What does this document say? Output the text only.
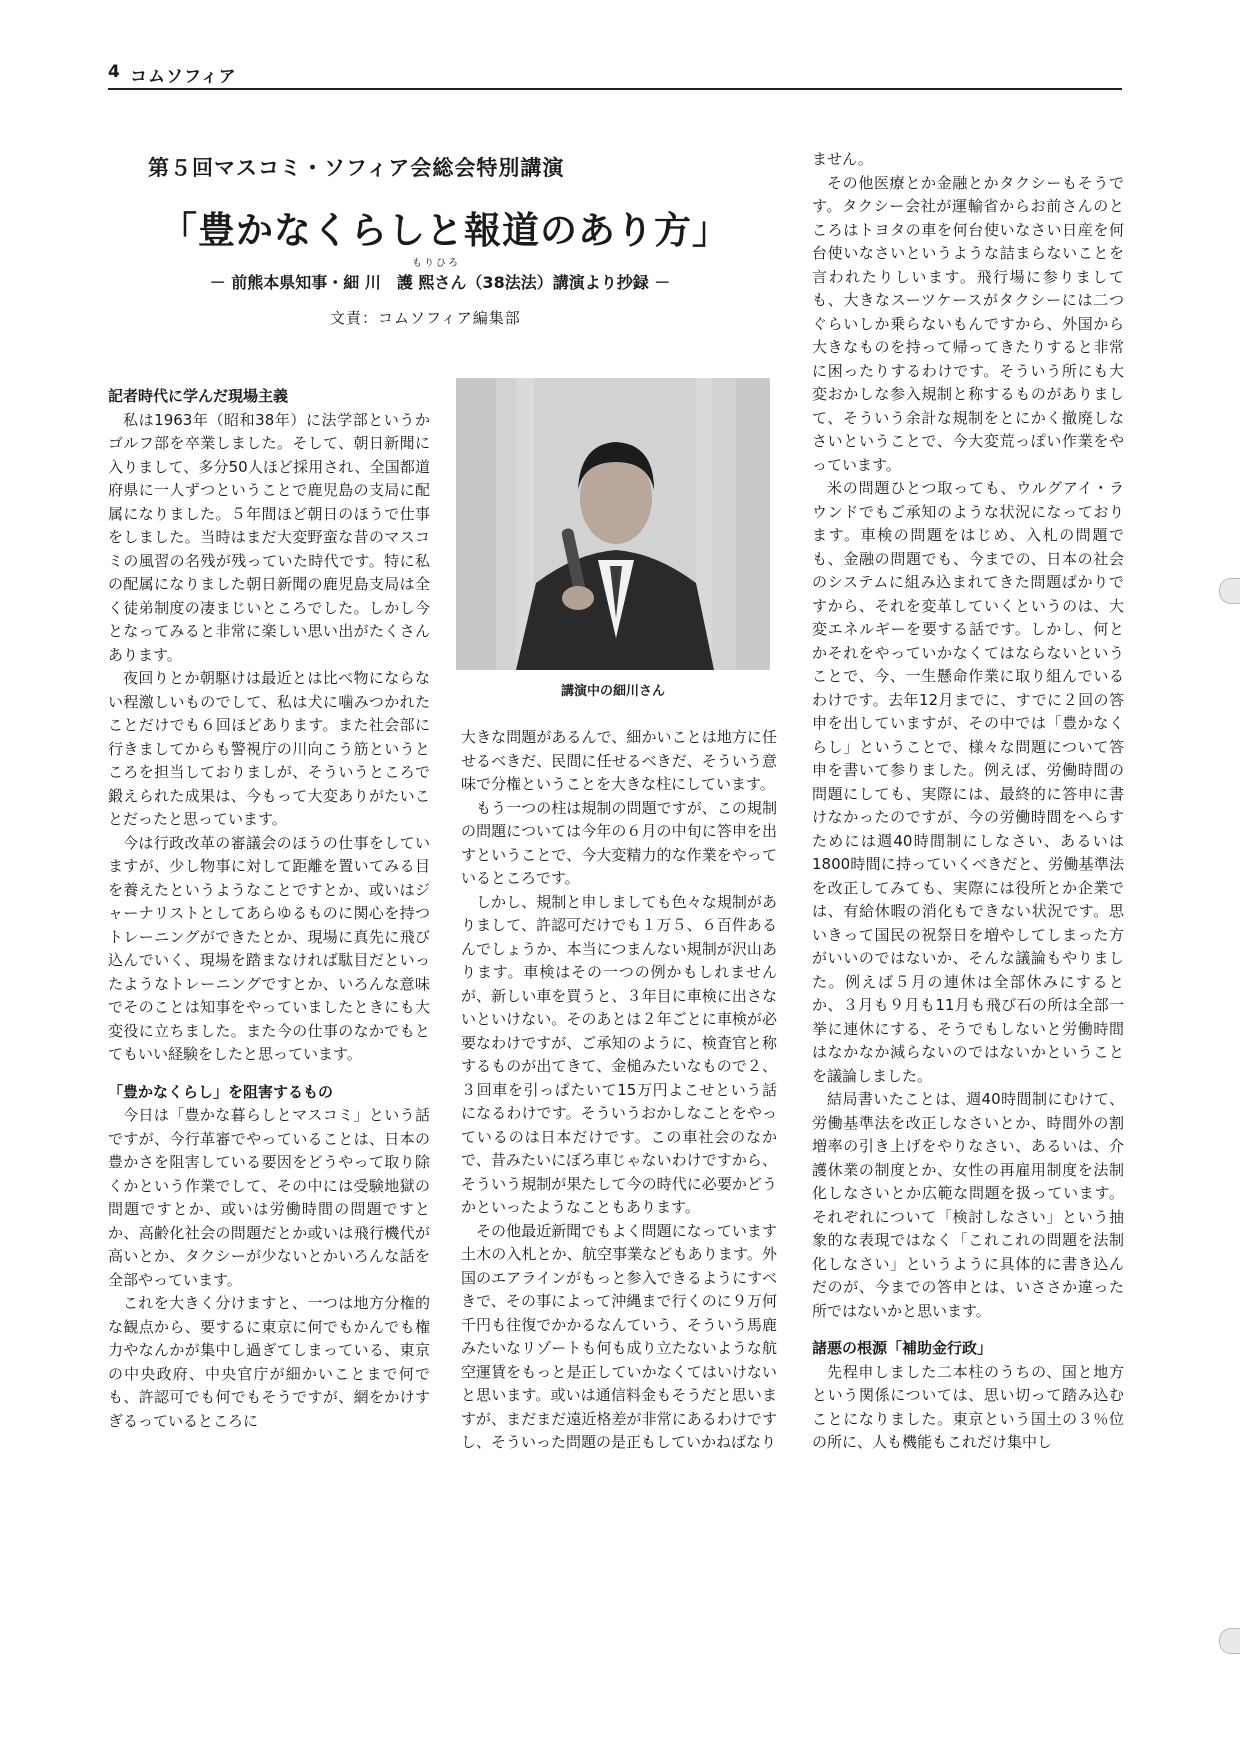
4 コムソフィア
第５回マスコミ・ソフィア会総会特別講演
「豊かなくらしと報道のあり方」
もりひろ
－ 前熊本県知事・細 川　護 熙さん（38法法）講演より抄録 －
文責：コムソフィア編集部
記者時代に学んだ現場主義

私は1963年（昭和38年）に法学部というかゴルフ部を卒業しました。そして、朝日新聞に入りまして、多分50人ほど採用され、全国都道府県に一人ずつということで鹿児島の支局に配属になりました。５年間ほど朝日のほうで仕事をしました。当時はまだ大変野蛮な昔のマスコミの風習の名残が残っていた時代です。特に私の配属になりました朝日新聞の鹿児島支局は全く徒弟制度の凄まじいところでした。しかし今となってみると非常に楽しい思い出がたくさんあります。

夜回りとか朝駆けは最近とは比べ物にならない程激しいものでして、私は犬に噛みつかれたことだけでも６回ほどあります。また社会部に行きましてからも警視庁の川向こう筋というところを担当しておりましが、そういうところで鍛えられた成果は、今もって大変ありがたいことだったと思っています。

今は行政改革の審議会のほうの仕事をしていますが、少し物事に対して距離を置いてみる目を養えたというようなことですとか、或いはジャーナリストとしてあらゆるものに関心を持つトレーニングができたとか、現場に真先に飛び込んでいく、現場を踏まなければ駄目だといったようなトレーニングですとか、いろんな意味でそのことは知事をやっていましたときにも大変役に立ちました。また今の仕事のなかでもとてもいい経験をしたと思っています。

「豊かなくらし」を阻害するもの

今日は「豊かな暮らしとマスコミ」という話ですが、今行革審でやっていることは、日本の豊かさを阻害している要因をどうやって取り除くかという作業でして、その中には受験地獄の問題ですとか、或いは労働時間の問題ですとか、高齢化社会の問題だとか或いは飛行機代が高いとか、タクシーが少ないとかいろんな話を全部やっています。

これを大きく分けますと、一つは地方分権的な観点から、要するに東京に何でもかんでも権力やなんかが集中し過ぎてしまっている、東京の中央政府、中央官庁が細かいことまで何でも、許認可でも何でもそうですが、網をかけすぎるっているところに

講演中の細川さん

大きな問題があるんで、細かいことは地方に任せるべきだ、民間に任せるべきだ、そういう意味で分権ということを大きな柱にしています。

もう一つの柱は規制の問題ですが、この規制の問題については今年の６月の中旬に答申を出すということで、今大変精力的な作業をやっているところです。

しかし、規制と申しましても色々な規制がありまして、許認可だけでも１万５、６百件あるんでしょうか、本当につまんない規制が沢山あります。車検はその一つの例かもしれませんが、新しい車を買うと、３年目に車検に出さないといけない。そのあとは２年ごとに車検が必要なわけですが、ご承知のように、検査官と称するものが出てきて、金槌みたいなもので２、３回車を引っぱたいて15万円よこせという話になるわけです。そういうおかしなことをやっているのは日本だけです。この車社会のなかで、昔みたいにぼろ車じゃないわけですから、そういう規制が果たして今の時代に必要かどうかといったようなこともあります。

その他最近新聞でもよく問題になっています土木の入札とか、航空事業などもあります。外国のエアラインがもっと参入できるようにすべきで、その事によって沖縄まで行くのに９万何千円も往復でかかるなんていう、そういう馬鹿みたいなリゾートも何も成り立たないような航空運賃をもっと是正していかなくてはいけないと思います。或いは通信料金もそうだと思いますが、まだまだ遠近格差が非常にあるわけですし、そういった問題の是正もしていかねばなり

ません。

その他医療とか金融とかタクシーもそうです。タクシー会社が運輸省からお前さんのところはトヨタの車を何台使いなさい日産を何台使いなさいというような詰まらないことを言われたりしいます。飛行場に参りましても、大きなスーツケースがタクシーには二つぐらいしか乗らないもんですから、外国から大きなものを持って帰ってきたりすると非常に困ったりするわけです。そういう所にも大変おかしな参入規制と称するものがありまして、そういう余計な規制をとにかく撤廃しなさいということで、今大変荒っぽい作業をやっています。

米の問題ひとつ取っても、ウルグアイ・ラウンドでもご承知のような状況になっております。車検の問題をはじめ、入札の問題でも、金融の問題でも、今までの、日本の社会のシステムに組み込まれてきた問題ばかりですから、それを変革していくというのは、大変エネルギーを要する話です。しかし、何とかそれをやっていかなくてはならないということで、今、一生懸命作業に取り組んでいるわけです。去年12月までに、すでに２回の答申を出していますが、その中では「豊かなくらし」ということで、様々な問題について答申を書いて参りました。例えば、労働時間の問題にしても、実際には、最終的に答申に書けなかったのですが、今の労働時間をへらすためには週40時間制にしなさい、あるいは1800時間に持っていくべきだと、労働基準法を改正してみても、実際には役所とか企業では、有給休暇の消化もできない状況です。思いきって国民の祝祭日を増やしてしまった方がいいのではないか、そんな議論もやりました。例えば５月の連休は全部休みにするとか、３月も９月も11月も飛び石の所は全部一挙に連休にする、そうでもしないと労働時間はなかなか減らないのではないかということを議論しました。

結局書いたことは、週40時間制にむけて、労働基準法を改正しなさいとか、時間外の割増率の引き上げをやりなさい、あるいは、介護休業の制度とか、女性の再雇用制度を法制化しなさいとか広範な問題を扱っています。それぞれについて「検討しなさい」という抽象的な表現ではなく「これこれの問題を法制化しなさい」というように具体的に書き込んだのが、今までの答申とは、いささか違った所ではないかと思います。

諸悪の根源「補助金行政」

先程申しました二本柱のうちの、国と地方という関係については、思い切って踏み込むことになりました。東京という国土の３％位の所に、人も機能もこれだけ集中し
